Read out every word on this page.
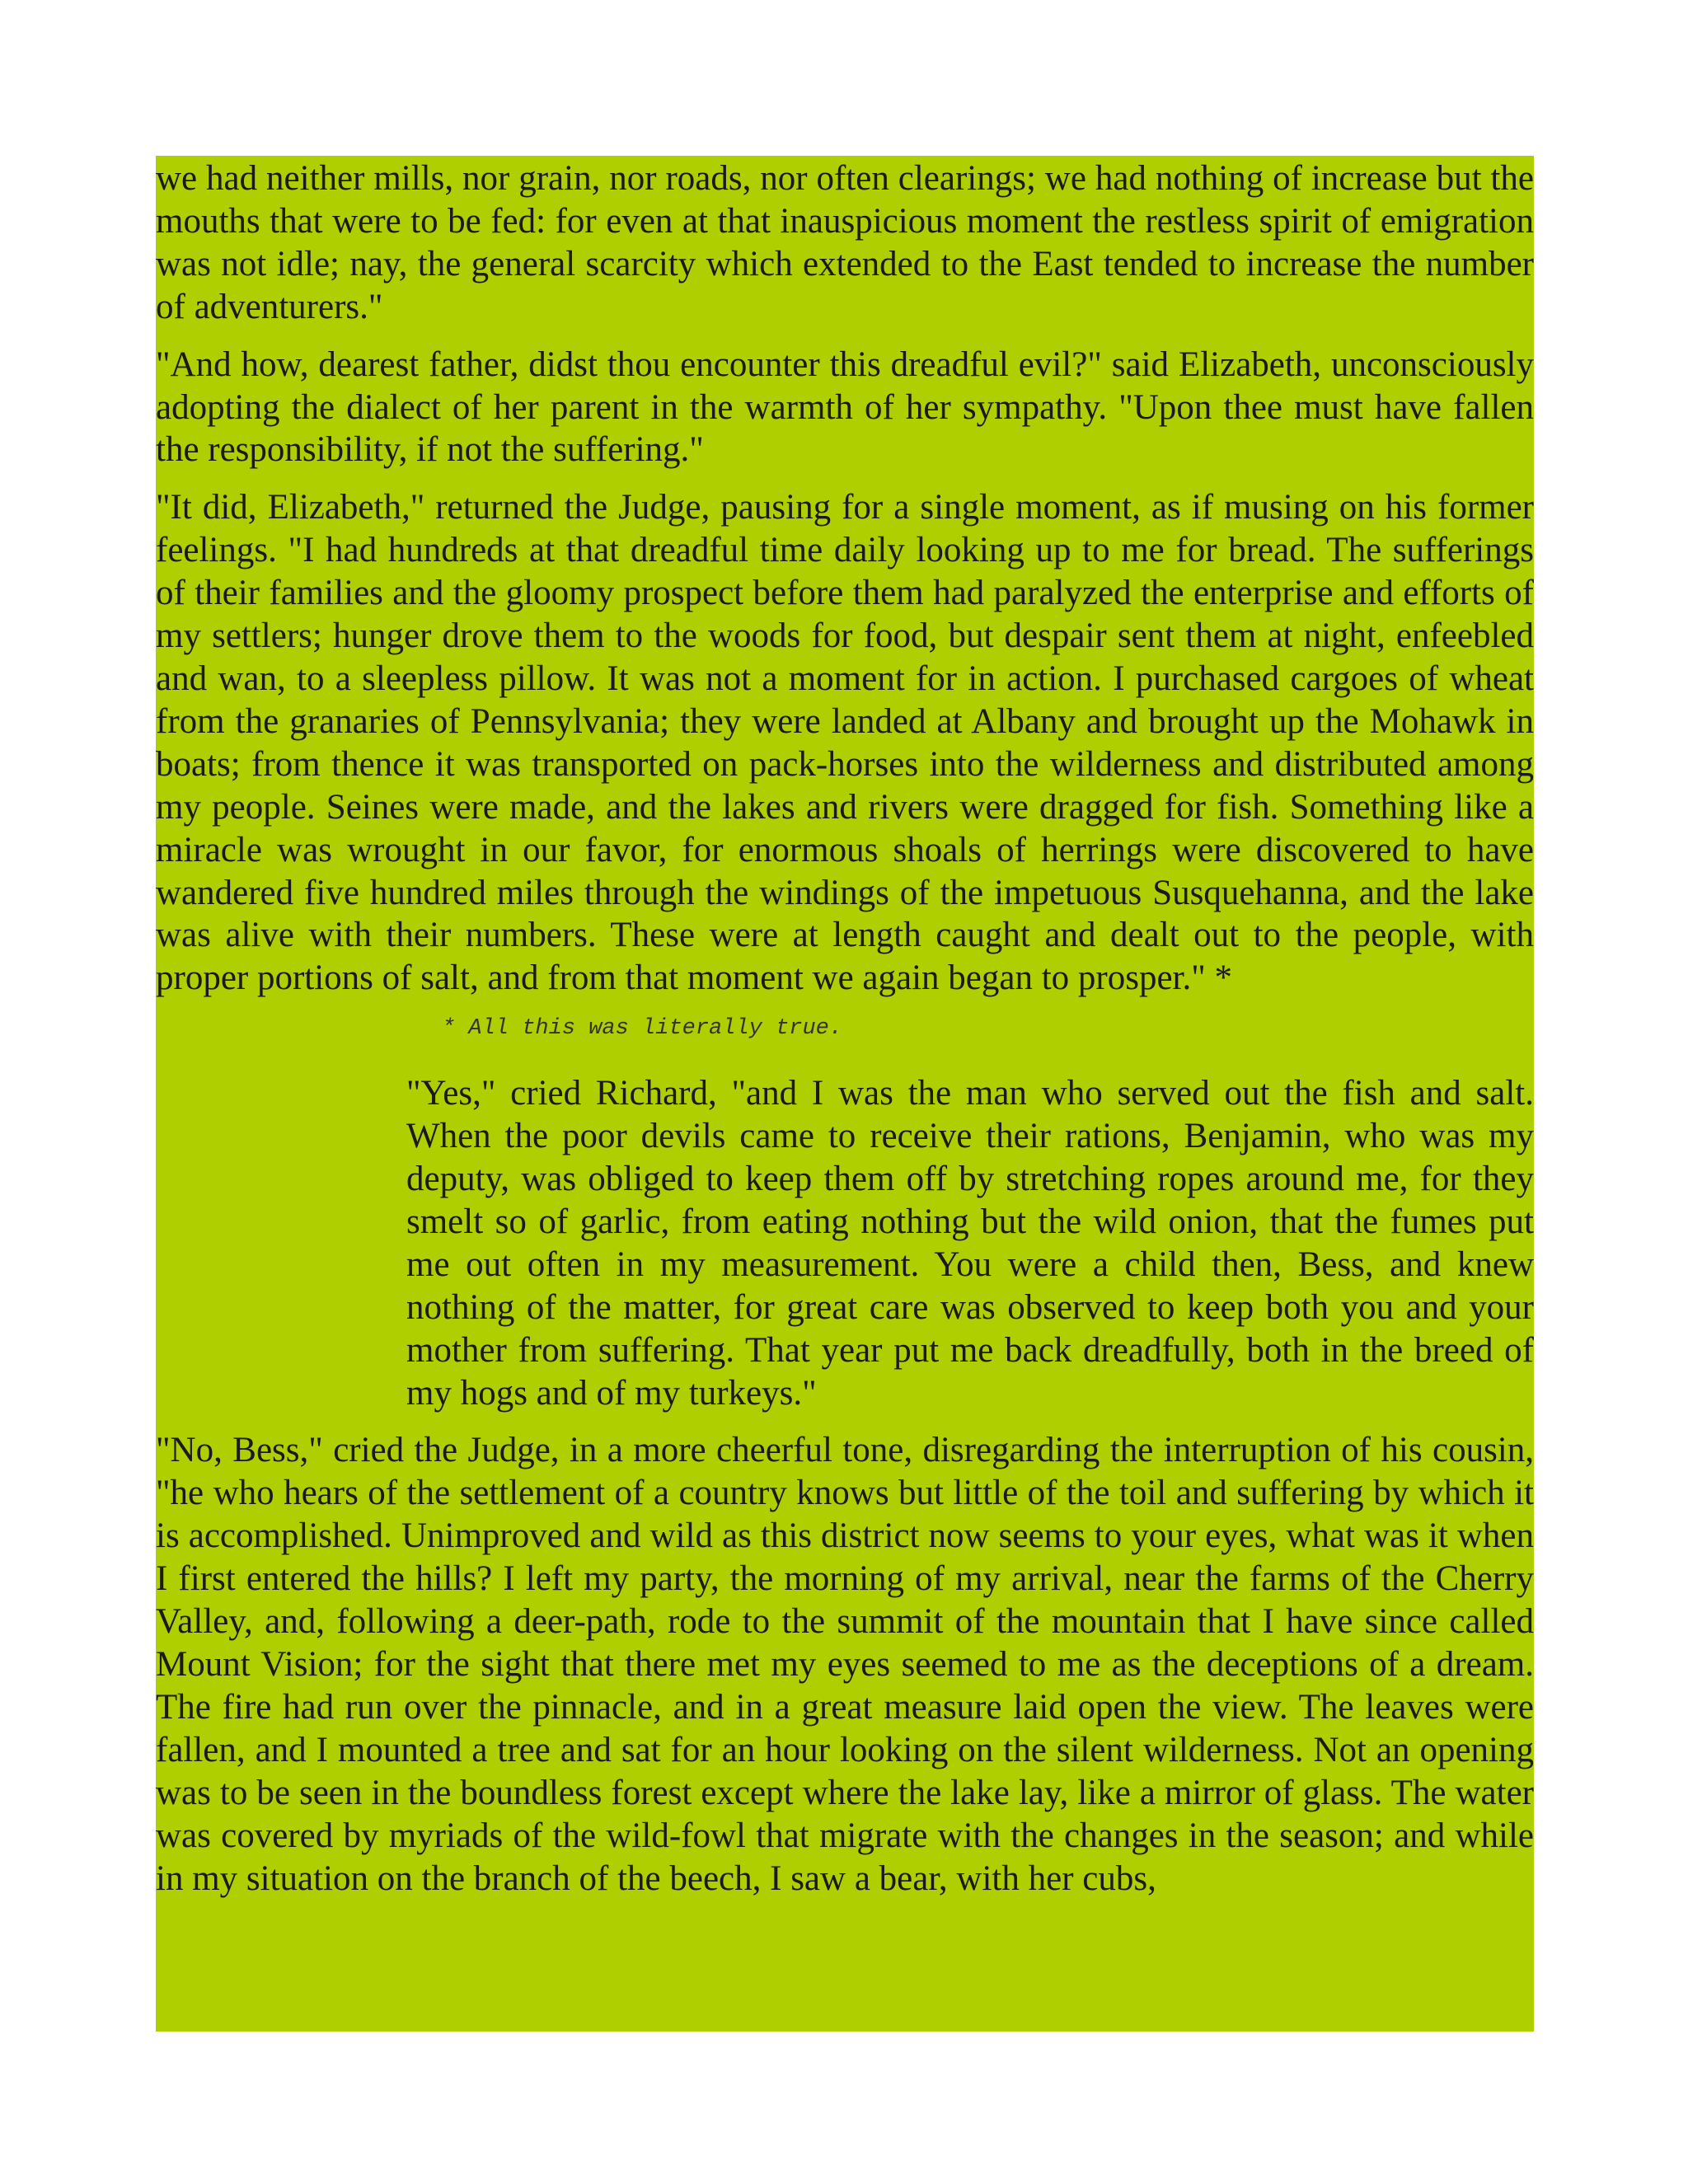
we had neither mills, nor grain, nor roads, nor often clearings; we had nothing of increase but the mouths that were to be fed: for even at that inauspicious moment the restless spirit of emigration was not idle; nay, the general scarcity which extended to the East tended to increase the number of adventurers."

"And how, dearest father, didst thou encounter this dreadful evil?" said Elizabeth, unconsciously adopting the dialect of her parent in the warmth of her sympathy. "Upon thee must have fallen the responsibility, if not the suffering."

"It did, Elizabeth," returned the Judge, pausing for a single moment, as if musing on his former feelings. "I had hundreds at that dreadful time daily looking up to me for bread. The sufferings of their families and the gloomy prospect before them had paralyzed the enterprise and efforts of my settlers; hunger drove them to the woods for food, but despair sent them at night, enfeebled and wan, to a sleepless pillow. It was not a moment for in action. I purchased cargoes of wheat from the granaries of Pennsylvania; they were landed at Albany and brought up the Mohawk in boats; from thence it was transported on pack-horses into the wilderness and distributed among my people. Seines were made, and the lakes and rivers were dragged for fish. Something like a miracle was wrought in our favor, for enormous shoals of herrings were discovered to have wandered five hundred miles through the windings of the impetuous Susquehanna, and the lake was alive with their numbers. These were at length caught and dealt out to the people, with proper portions of salt, and from that moment we again began to prosper." *

* All this was literally true.

"Yes," cried Richard, "and I was the man who served out the fish and salt. When the poor devils came to receive their rations, Benjamin, who was my deputy, was obliged to keep them off by stretching ropes around me, for they smelt so of garlic, from eating nothing but the wild onion, that the fumes put me out often in my measurement. You were a child then, Bess, and knew nothing of the matter, for great care was observed to keep both you and your mother from suffering. That year put me back dreadfully, both in the breed of my hogs and of my turkeys."

"No, Bess," cried the Judge, in a more cheerful tone, disregarding the interruption of his cousin, "he who hears of the settlement of a country knows but little of the toil and suffering by which it is accomplished. Unimproved and wild as this district now seems to your eyes, what was it when I first entered the hills? I left my party, the morning of my arrival, near the farms of the Cherry Valley, and, following a deer-path, rode to the summit of the mountain that I have since called Mount Vision; for the sight that there met my eyes seemed to me as the deceptions of a dream. The fire had run over the pinnacle, and in a great measure laid open the view. The leaves were fallen, and I mounted a tree and sat for an hour looking on the silent wilderness. Not an opening was to be seen in the boundless forest except where the lake lay, like a mirror of glass. The water was covered by myriads of the wild-fowl that migrate with the changes in the season; and while in my situation on the branch of the beech, I saw a bear, with her cubs,
